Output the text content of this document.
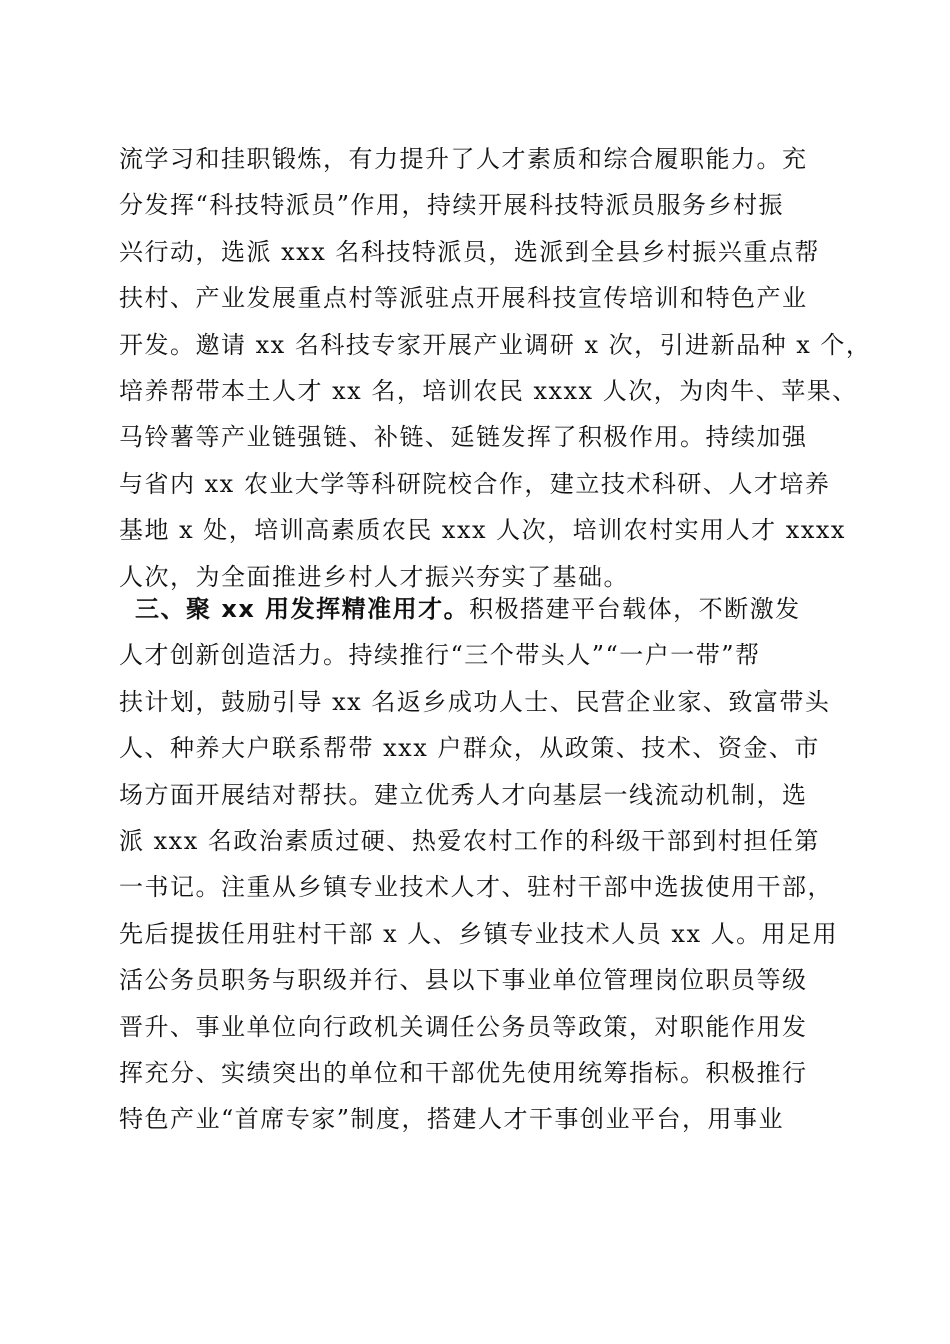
流学习和挂职锻炼，有力提升了人才素质和综合履职能力。充
分发挥“科技特派员”作用，持续开展科技特派员服务乡村振
兴行动，选派 xxx 名科技特派员，选派到全县乡村振兴重点帮
扶村、产业发展重点村等派驻点开展科技宣传培训和特色产业
开发。邀请 xx 名科技专家开展产业调研 x 次，引进新品种 x 个，
培养帮带本土人才 xx 名，培训农民 xxxx 人次，为肉牛、苹果、
马铃薯等产业链强链、补链、延链发挥了积极作用。持续加强
与省内 xx 农业大学等科研院校合作，建立技术科研、人才培养
基地 x 处，培训高素质农民 xxx 人次，培训农村实用人才 xxxx
人次，为全面推进乡村人才振兴夯实了基础。
三、聚 xx 用发挥精准用才。积极搭建平台载体，不断激发
人才创新创造活力。持续推行“三个带头人”“一户一带”帮
扶计划，鼓励引导 xx 名返乡成功人士、民营企业家、致富带头
人、种养大户联系帮带 xxx 户群众，从政策、技术、资金、市
场方面开展结对帮扶。建立优秀人才向基层一线流动机制，选
派 xxx 名政治素质过硬、热爱农村工作的科级干部到村担任第
一书记。注重从乡镇专业技术人才、驻村干部中选拔使用干部，
先后提拔任用驻村干部 x 人、乡镇专业技术人员 xx 人。用足用
活公务员职务与职级并行、县以下事业单位管理岗位职员等级
晋升、事业单位向行政机关调任公务员等政策，对职能作用发
挥充分、实绩突出的单位和干部优先使用统筹指标。积极推行
特色产业“首席专家”制度，搭建人才干事创业平台，用事业
